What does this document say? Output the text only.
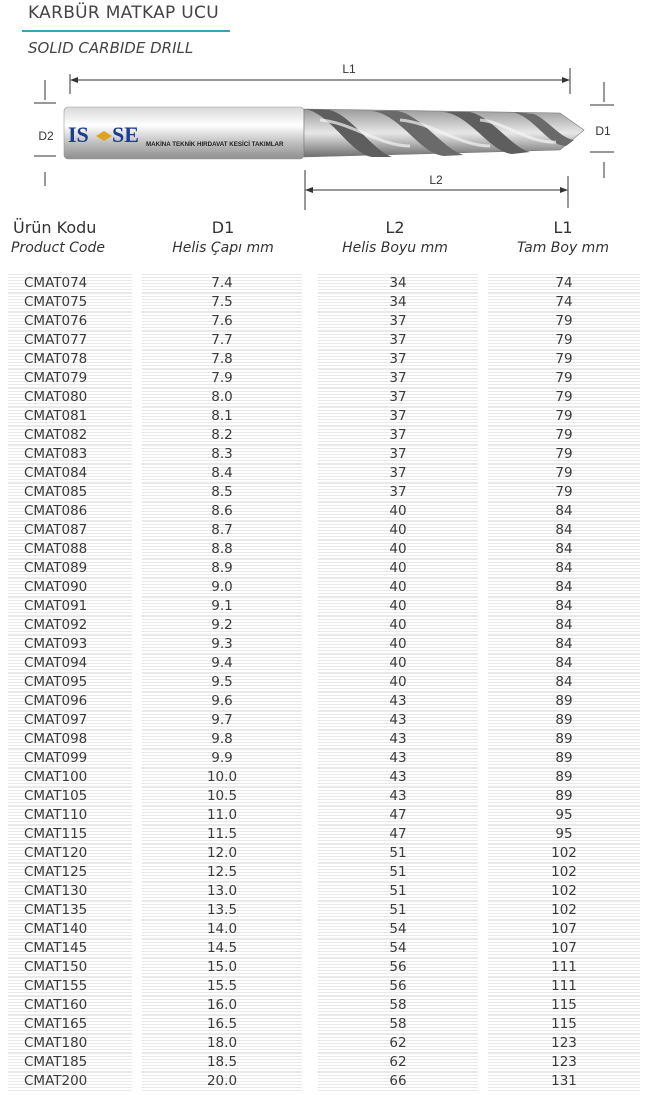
KARBÜR MATKAP UCU
SOLID CARBIDE DRILL
L1
D2	D1
L2
IS SE MAKİNA TEKNİK HIRDAVAT KESİCİ TAKIMLAR
Ürün Kodu
Product Code
D1
Helis Çapı mm
L2
Helis Boyu mm
L1
Tam Boy mm
CMAT074	7.4	34	74
CMAT075	7.5	34	74
CMAT076	7.6	37	79
CMAT077	7.7	37	79
CMAT078	7.8	37	79
CMAT079	7.9	37	79
CMAT080	8.0	37	79
CMAT081	8.1	37	79
CMAT082	8.2	37	79
CMAT083	8.3	37	79
CMAT084	8.4	37	79
CMAT085	8.5	37	79
CMAT086	8.6	40	84
CMAT087	8.7	40	84
CMAT088	8.8	40	84
CMAT089	8.9	40	84
CMAT090	9.0	40	84
CMAT091	9.1	40	84
CMAT092	9.2	40	84
CMAT093	9.3	40	84
CMAT094	9.4	40	84
CMAT095	9.5	40	84
CMAT096	9.6	43	89
CMAT097	9.7	43	89
CMAT098	9.8	43	89
CMAT099	9.9	43	89
CMAT100	10.0	43	89
CMAT105	10.5	43	89
CMAT110	11.0	47	95
CMAT115	11.5	47	95
CMAT120	12.0	51	102
CMAT125	12.5	51	102
CMAT130	13.0	51	102
CMAT135	13.5	51	102
CMAT140	14.0	54	107
CMAT145	14.5	54	107
CMAT150	15.0	56	111
CMAT155	15.5	56	111
CMAT160	16.0	58	115
CMAT165	16.5	58	115
CMAT180	18.0	62	123
CMAT185	18.5	62	123
CMAT200	20.0	66	131
